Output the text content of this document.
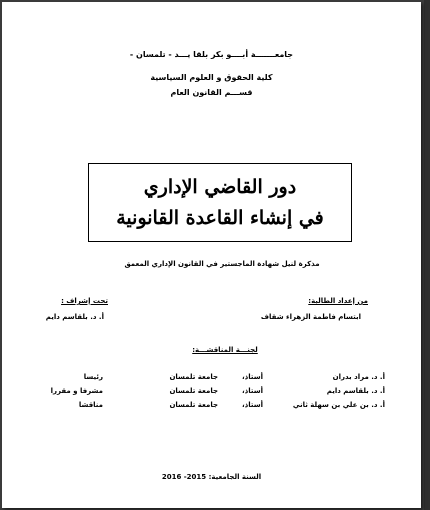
جامعـــــــة أبــــو بكر بلقا يـــد - تلمسان -
كلية الحقوق و العلوم السياسية
قســـم القانون العام
دور القاضي الإداري
في إنشاء القاعدة القانونية
مذكرة لنيل شهادة الماجستير في القانون الإداري المعمق
من إعداد الطالبة:
ابتسام فاطمة الزهراء شقاف
تحت إشراف :
أ. د. بلقاسم دايم
لجنـــة المناقشـــة:
أ. د. مراد بدران
أستاذ،
جامعة تلمسان
رئيسا
أ. د. بلقاسم دايم
أستاذ،
جامعة تلمسان
مشرفا و مقررا
أ. د. بن علي بن سهلة ثاني
أستاذ،
جامعة تلمسان
مناقشا
السنة الجامعية: 2015- 2016
